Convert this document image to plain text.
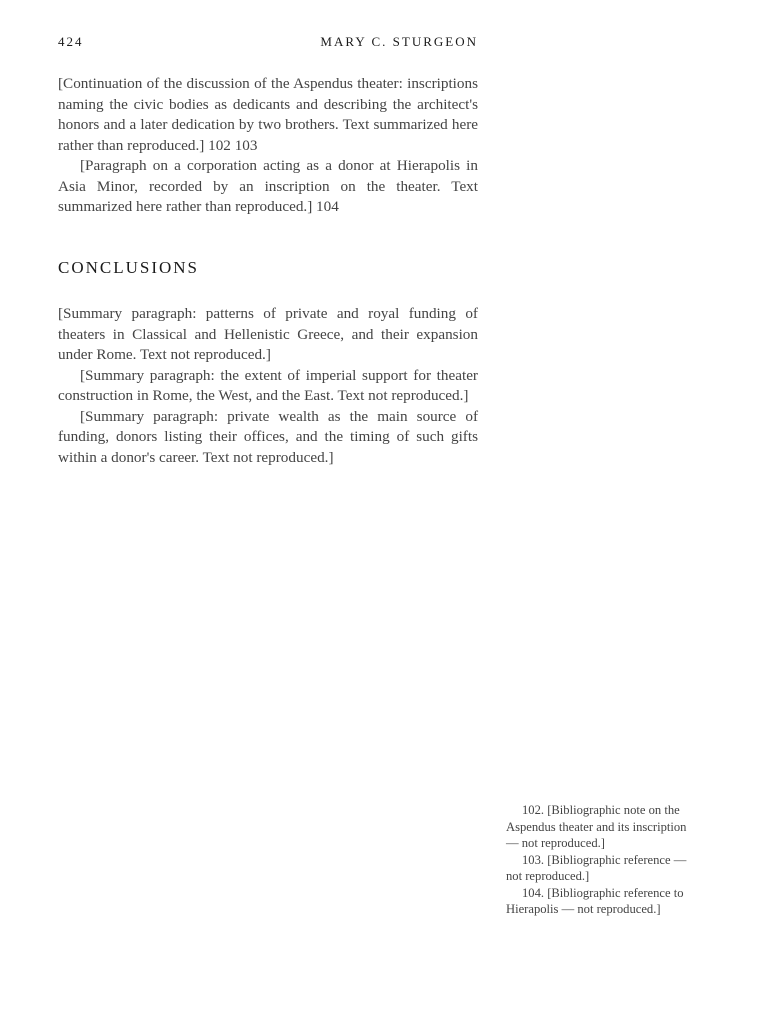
424	MARY C. STURGEON

[Continuation of the discussion of the Aspendus theater: inscriptions naming the civic bodies as dedicants and describing the architect's honors and a later dedication by two brothers. Text summarized here rather than reproduced.] 102 103

[Paragraph on a corporation acting as a donor at Hierapolis in Asia Minor, recorded by an inscription on the theater. Text summarized here rather than reproduced.] 104

CONCLUSIONS

[Summary paragraph: patterns of private and royal funding of theaters in Classical and Hellenistic Greece, and their expansion under Rome. Text not reproduced.]

[Summary paragraph: the extent of imperial support for theater construction in Rome, the West, and the East. Text not reproduced.]

[Summary paragraph: private wealth as the main source of funding, donors listing their offices, and the timing of such gifts within a donor's career. Text not reproduced.]

102. [Bibliographic note on the Aspendus theater and its inscription — not reproduced.]

103. [Bibliographic reference — not reproduced.]

104. [Bibliographic reference to Hierapolis — not reproduced.]
